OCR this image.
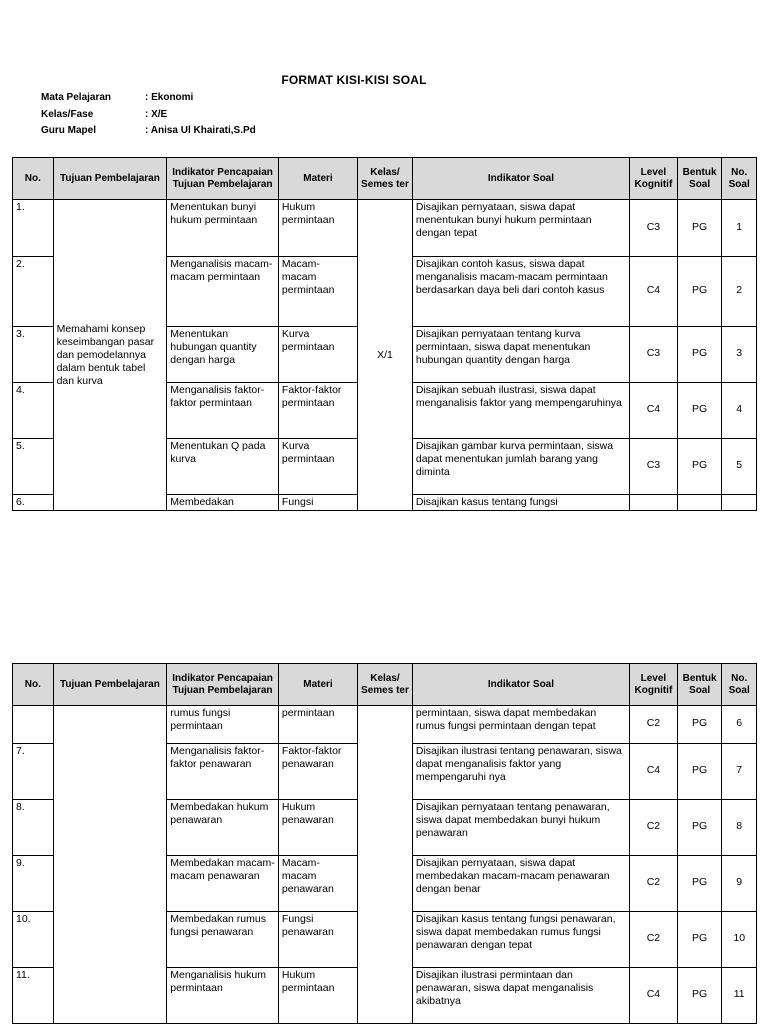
FORMAT KISI-KISI SOAL
Mata Pelajaran	: Ekonomi
Kelas/Fase	: X/E
Guru Mapel	: Anisa Ul Khairati,S.Pd
No.	Tujuan Pembelajaran	Indikator Pencapaian Tujuan Pembelajaran	Materi	Kelas/ Semes ter	Indikator Soal	Level Kognitif	Bentuk Soal	No. Soal
1.	Memahami konsep keseimbangan pasar dan pemodelannya dalam bentuk tabel dan kurva	Menentukan bunyi hukum permintaan	Hukum permintaan	X/1	Disajikan pernyataan, siswa dapat menentukan bunyi hukum permintaan dengan tepat	C3	PG	1
2.		Menganalisis macam-macam permintaan	Macam- macam permintaan		Disajikan contoh kasus, siswa dapat menganalisis macam-macam permintaan berdasarkan daya beli dari contoh kasus	C4	PG	2
3.		Menentukan hubungan quantity dengan harga	Kurva permintaan		Disajikan pernyataan tentang kurva permintaan, siswa dapat menentukan hubungan quantity dengan harga	C3	PG	3
4.		Menganalisis faktor-faktor permintaan	Faktor-faktor permintaan		Disajikan sebuah ilustrasi, siswa dapat menganalisis faktor yang mempengaruhinya	C4	PG	4
5.		Menentukan Q pada kurva	Kurva permintaan		Disajikan gambar kurva permintaan, siswa dapat menentukan jumlah barang yang diminta	C3	PG	5
6.		Membedakan	Fungsi		Disajikan kasus tentang fungsi			
No.	Tujuan Pembelajaran	Indikator Pencapaian Tujuan Pembelajaran	Materi	Kelas/ Semes ter	Indikator Soal	Level Kognitif	Bentuk Soal	No. Soal
		rumus fungsi permintaan	permintaan		permintaan, siswa dapat membedakan rumus fungsi permintaan dengan tepat	C2	PG	6
7.		Menganalisis faktor-faktor penawaran	Faktor-faktor penawaran		Disajikan ilustrasi tentang penawaran, siswa dapat menganalisis faktor yang mempengaruhi nya	C4	PG	7
8.		Membedakan hukum penawaran	Hukum penawaran		Disajikan pernyataan tentang penawaran, siswa dapat membedakan bunyi hukum penawaran	C2	PG	8
9.		Membedakan macam-macam penawaran	Macam- macam penawaran		Disajikan pernyataan, siswa dapat membedakan macam-macam penawaran dengan benar	C2	PG	9
10.		Membedakan rumus fungsi penawaran	Fungsi penawaran		Disajikan kasus tentang fungsi penawaran, siswa dapat membedakan rumus fungsi penawaran dengan tepat	C2	PG	10
11.		Menganalisis hukum permintaan	Hukum permintaan		Disajikan ilustrasi permintaan dan penawaran, siswa dapat menganalisis akibatnya	C4	PG	11
